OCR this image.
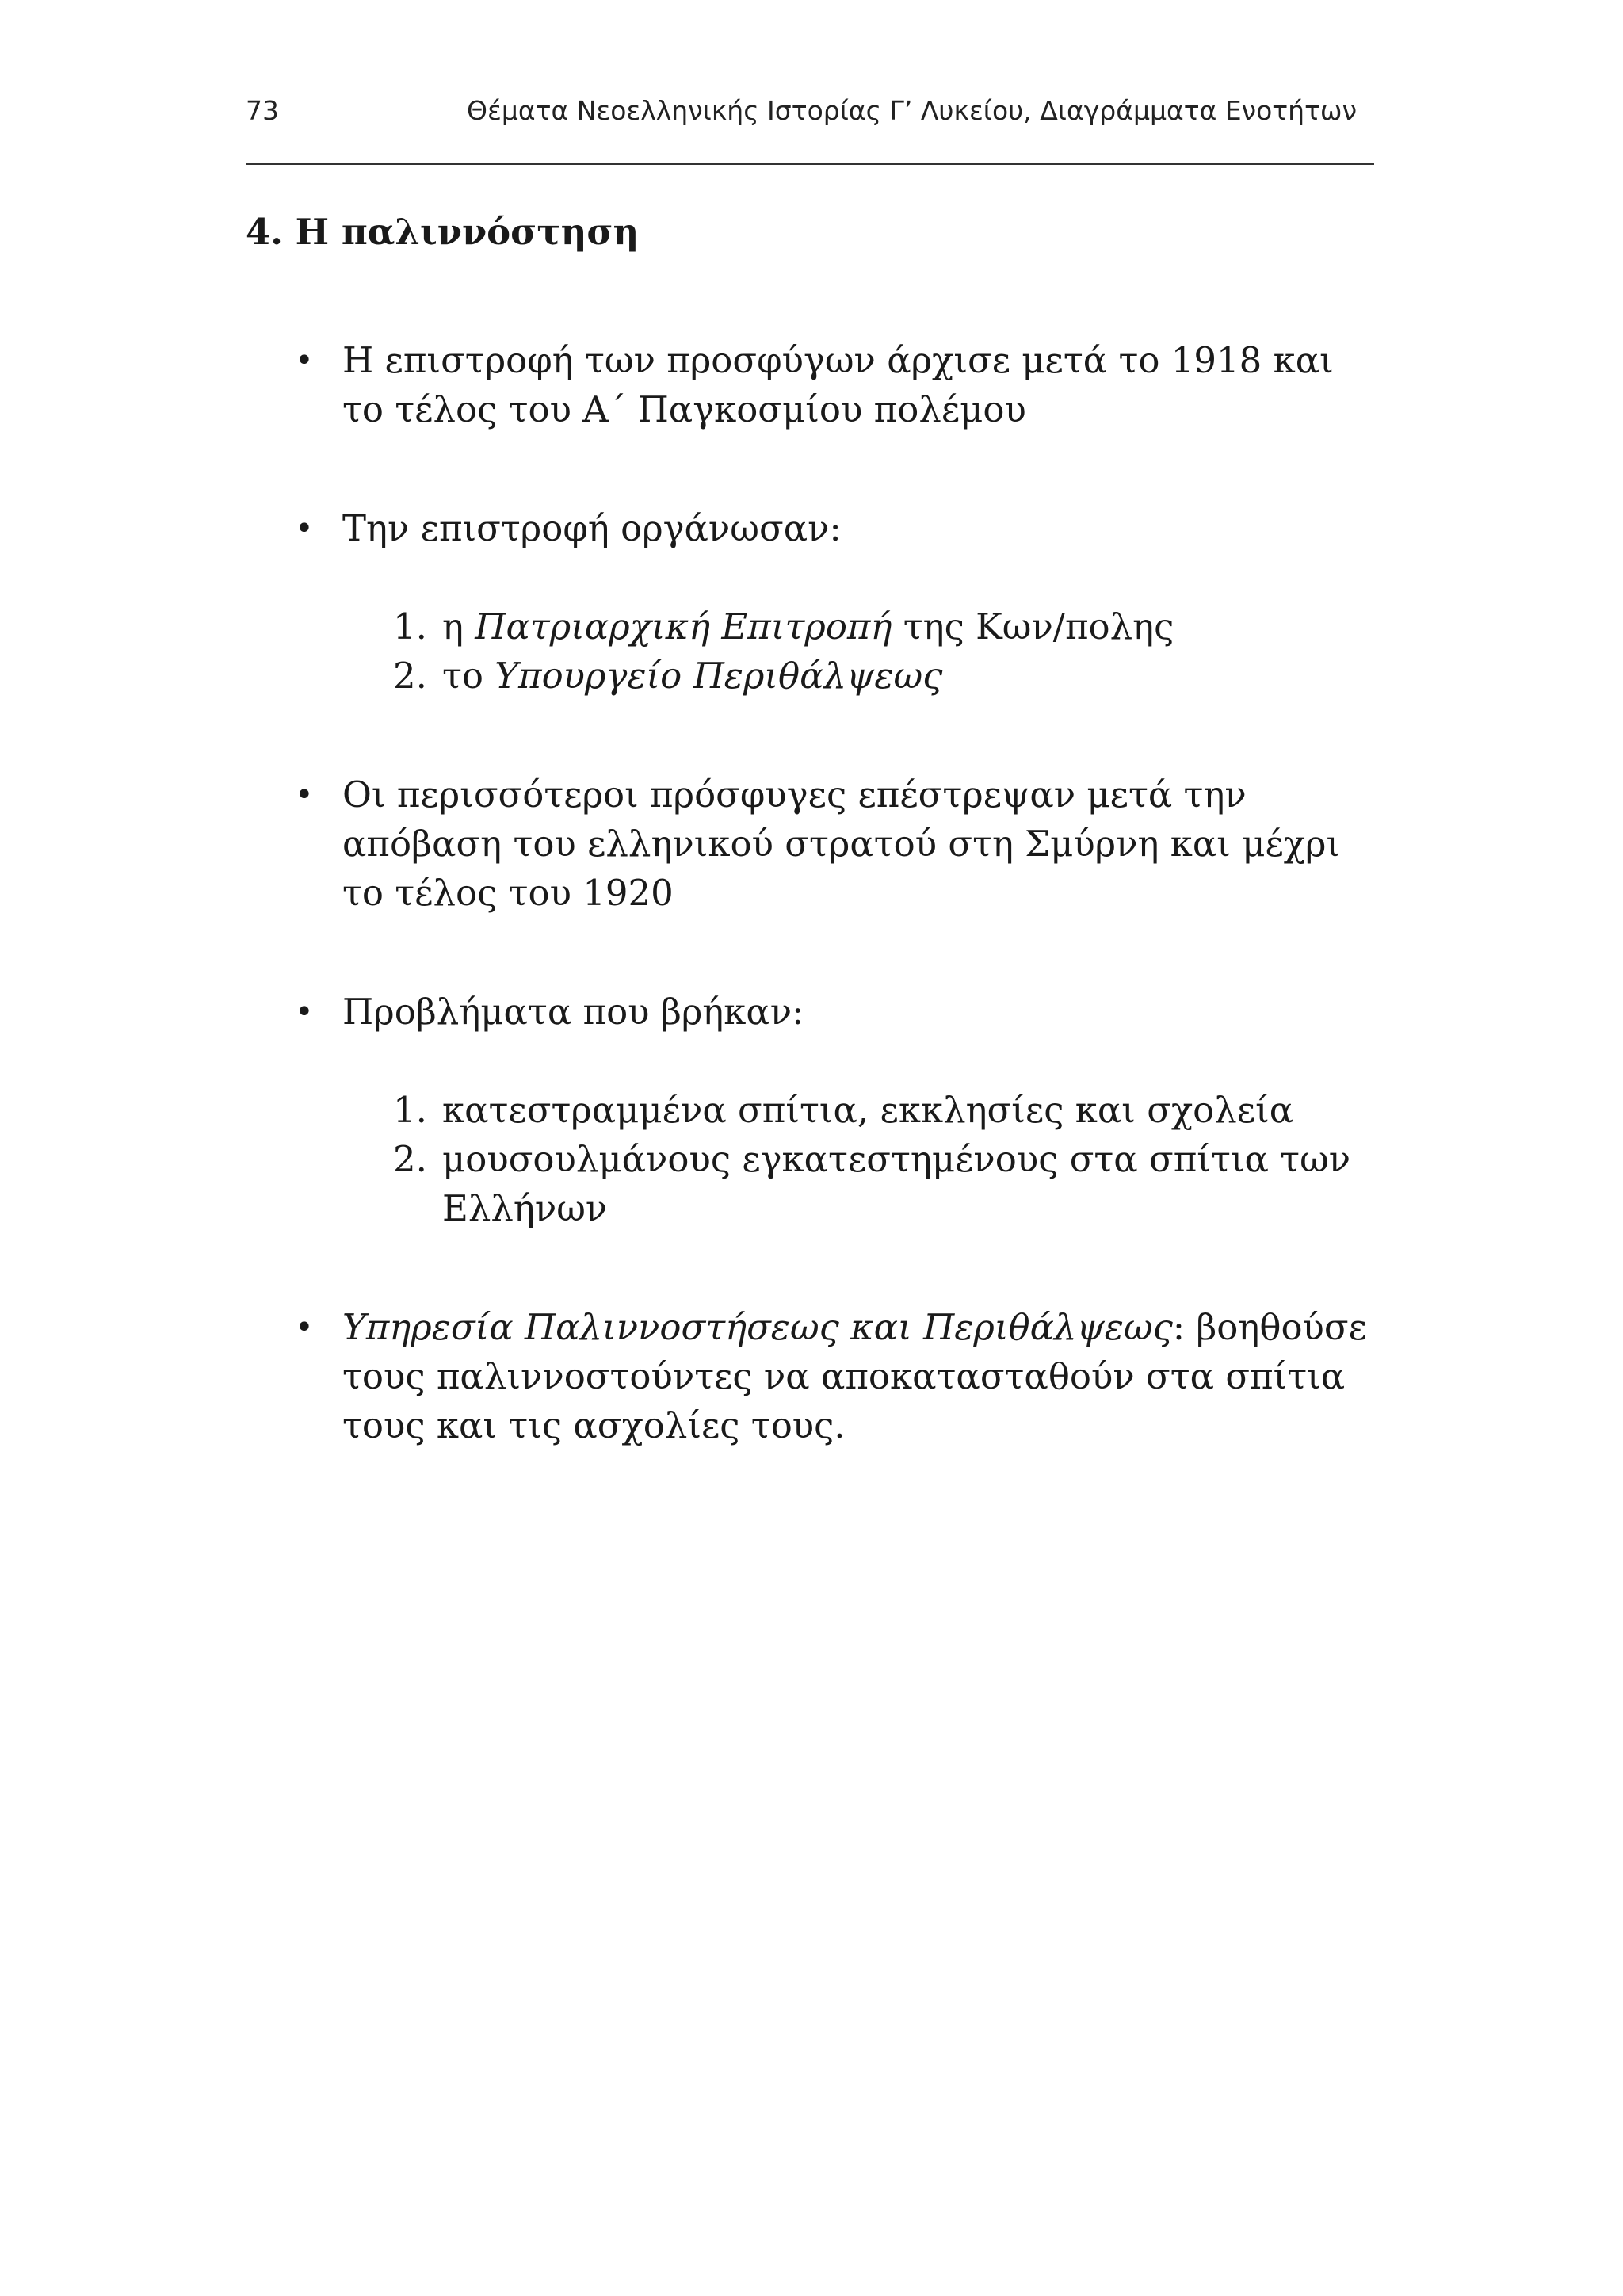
73	Θέματα Νεοελληνικής Ιστορίας Γ’ Λυκείου, Διαγράμματα Ενοτήτων
4. Η παλιννόστηση
• Η επιστροφή των προσφύγων άρχισε μετά το 1918 και το τέλος του Α΄ Παγκοσμίου πολέμου
• Την επιστροφή οργάνωσαν:
1. η Πατριαρχική Επιτροπή της Κων/πολης
2. το Υπουργείο Περιθάλψεως
• Οι περισσότεροι πρόσφυγες επέστρεψαν μετά την απόβαση του ελληνικού στρατού στη Σμύρνη και μέχρι το τέλος του 1920
• Προβλήματα που βρήκαν:
1. κατεστραμμένα σπίτια, εκκλησίες και σχολεία
2. μουσουλμάνους εγκατεστημένους στα σπίτια των Ελλήνων
• Υπηρεσία Παλιννοστήσεως και Περιθάλψεως: βοηθούσε τους παλιννοστούντες να αποκατασταθούν στα σπίτια τους και τις ασχολίες τους.
